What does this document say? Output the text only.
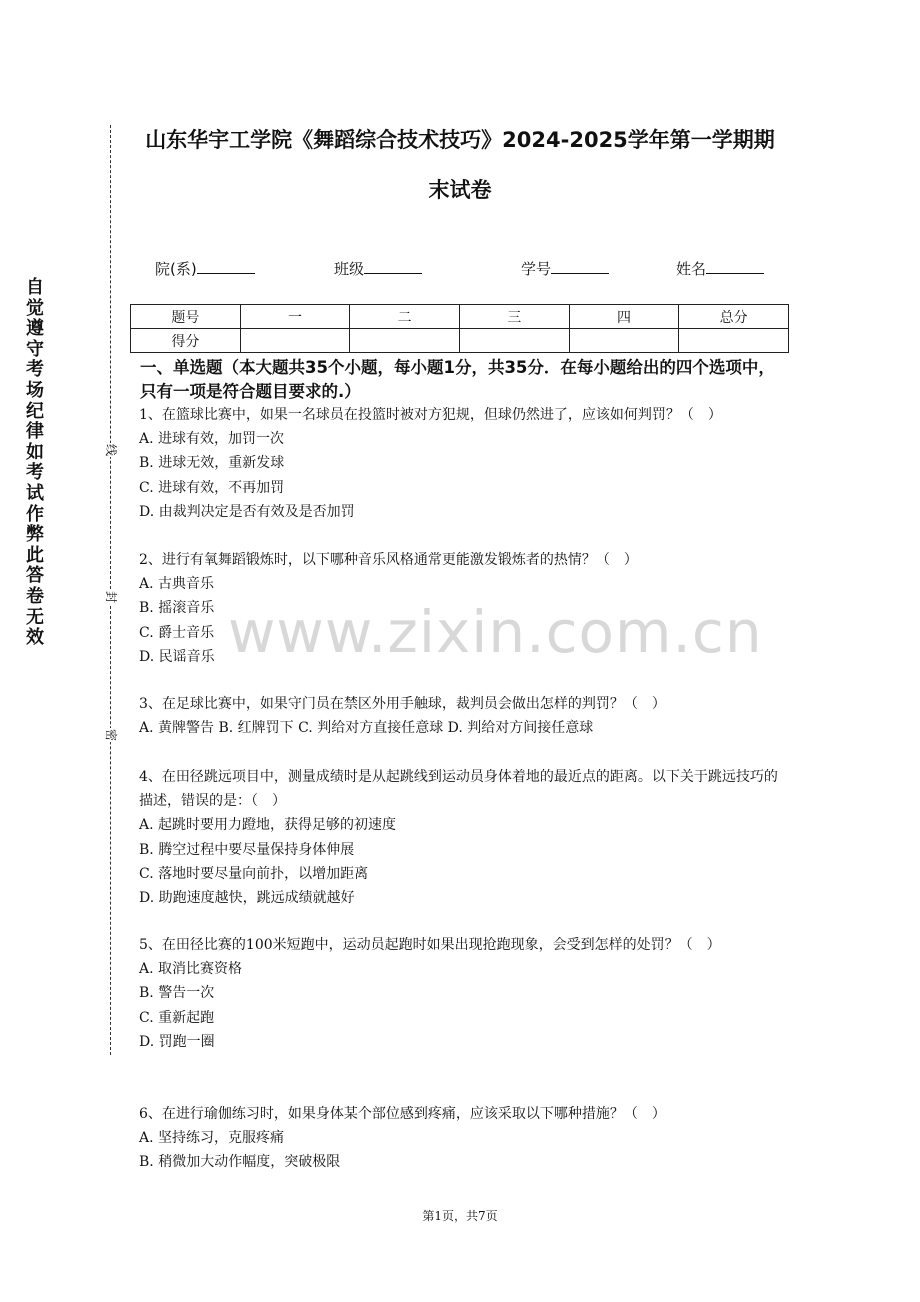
自觉遵守考场纪律如考试作弊此答卷无效
线
封
密
山东华宇工学院《舞蹈综合技术技巧》2024-2025学年第一学期期
末试卷
院(系)	班级	学号	姓名
题号	一	二	三	四	总分
得分					
一、单选题（本大题共35个小题，每小题1分，共35分．在每小题给出的四个选项中，只有一项是符合题目要求的.）
www.zixin.com.cn
1、在篮球比赛中，如果一名球员在投篮时被对方犯规，但球仍然进了，应该如何判罚？（　）
A. 进球有效，加罚一次
B. 进球无效，重新发球
C. 进球有效，不再加罚
D. 由裁判决定是否有效及是否加罚
2、进行有氧舞蹈锻炼时，以下哪种音乐风格通常更能激发锻炼者的热情？（　）
A. 古典音乐
B. 摇滚音乐
C. 爵士音乐
D. 民谣音乐
3、在足球比赛中，如果守门员在禁区外用手触球，裁判员会做出怎样的判罚？（　）
A. 黄牌警告 B. 红牌罚下 C. 判给对方直接任意球 D. 判给对方间接任意球
4、在田径跳远项目中，测量成绩时是从起跳线到运动员身体着地的最近点的距离。以下关于跳远技巧的描述，错误的是：（　）
A. 起跳时要用力蹬地，获得足够的初速度
B. 腾空过程中要尽量保持身体伸展
C. 落地时要尽量向前扑，以增加距离
D. 助跑速度越快，跳远成绩就越好
5、在田径比赛的100米短跑中，运动员起跑时如果出现抢跑现象，会受到怎样的处罚？（　）
A. 取消比赛资格
B. 警告一次
C. 重新起跑
D. 罚跑一圈
6、在进行瑜伽练习时，如果身体某个部位感到疼痛，应该采取以下哪种措施？（　）
A. 坚持练习，克服疼痛
B. 稍微加大动作幅度，突破极限
第1页，共7页
